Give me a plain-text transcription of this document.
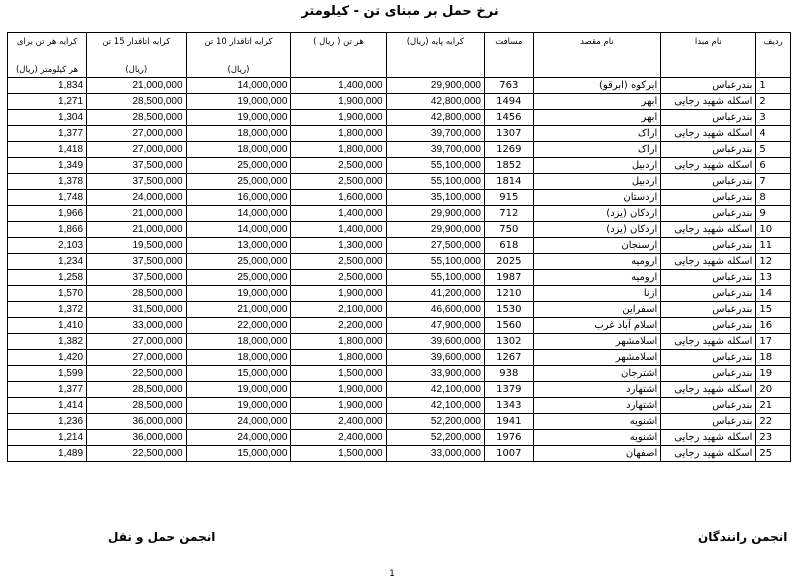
نرخ حمل بر مبنای تن - کیلومتر
ردیف	نام مبدا	نام مقصد	مسافت	کرایه پایه (ریال)	هر تن ( ریال )	کرایه اتاقدار 10 تن
(ریال)	کرایه اتاقدار 15 تن
(ریال)	کرایه هر تن برای
هر کیلومتر (ریال)

1	بندرعباس	ابرکوه (ابرقو)	763	29,900,000	1,400,000	14,000,000	21,000,000	1,834
2	اسکله شهید رجایی	ابهر	1494	42,800,000	1,900,000	19,000,000	28,500,000	1,271
3	بندرعباس	ابهر	1456	42,800,000	1,900,000	19,000,000	28,500,000	1,304
4	اسکله شهید رجایی	اراک	1307	39,700,000	1,800,000	18,000,000	27,000,000	1,377
5	بندرعباس	اراک	1269	39,700,000	1,800,000	18,000,000	27,000,000	1,418
6	اسکله شهید رجایی	اردبیل	1852	55,100,000	2,500,000	25,000,000	37,500,000	1,349
7	بندرعباس	اردبیل	1814	55,100,000	2,500,000	25,000,000	37,500,000	1,378
8	بندرعباس	اردستان	915	35,100,000	1,600,000	16,000,000	24,000,000	1,748
9	بندرعباس	اردکان (یزد)	712	29,900,000	1,400,000	14,000,000	21,000,000	1,966
10	اسکله شهید رجایی	اردکان (یزد)	750	29,900,000	1,400,000	14,000,000	21,000,000	1,866
11	بندرعباس	ارسنجان	618	27,500,000	1,300,000	13,000,000	19,500,000	2,103
12	اسکله شهید رجایی	ارومیه	2025	55,100,000	2,500,000	25,000,000	37,500,000	1,234
13	بندرعباس	ارومیه	1987	55,100,000	2,500,000	25,000,000	37,500,000	1,258
14	بندرعباس	ازنا	1210	41,200,000	1,900,000	19,000,000	28,500,000	1,570
15	بندرعباس	اسفراین	1530	46,600,000	2,100,000	21,000,000	31,500,000	1,372
16	بندرعباس	اسلام آباد غرب	1560	47,900,000	2,200,000	22,000,000	33,000,000	1,410
17	اسکله شهید رجایی	اسلامشهر	1302	39,600,000	1,800,000	18,000,000	27,000,000	1,382
18	بندرعباس	اسلامشهر	1267	39,600,000	1,800,000	18,000,000	27,000,000	1,420
19	بندرعباس	اشترجان	938	33,900,000	1,500,000	15,000,000	22,500,000	1,599
20	اسکله شهید رجایی	اشتهارد	1379	42,100,000	1,900,000	19,000,000	28,500,000	1,377
21	بندرعباس	اشتهارد	1343	42,100,000	1,900,000	19,000,000	28,500,000	1,414
22	بندرعباس	اشنویه	1941	52,200,000	2,400,000	24,000,000	36,000,000	1,236
23	اسکله شهید رجایی	اشنویه	1976	52,200,000	2,400,000	24,000,000	36,000,000	1,214
25	اسکله شهید رجایی	اصفهان	1007	33,000,000	1,500,000	15,000,000	22,500,000	1,489
انجمن حمل و نقل	انجمن رانندگان
1
